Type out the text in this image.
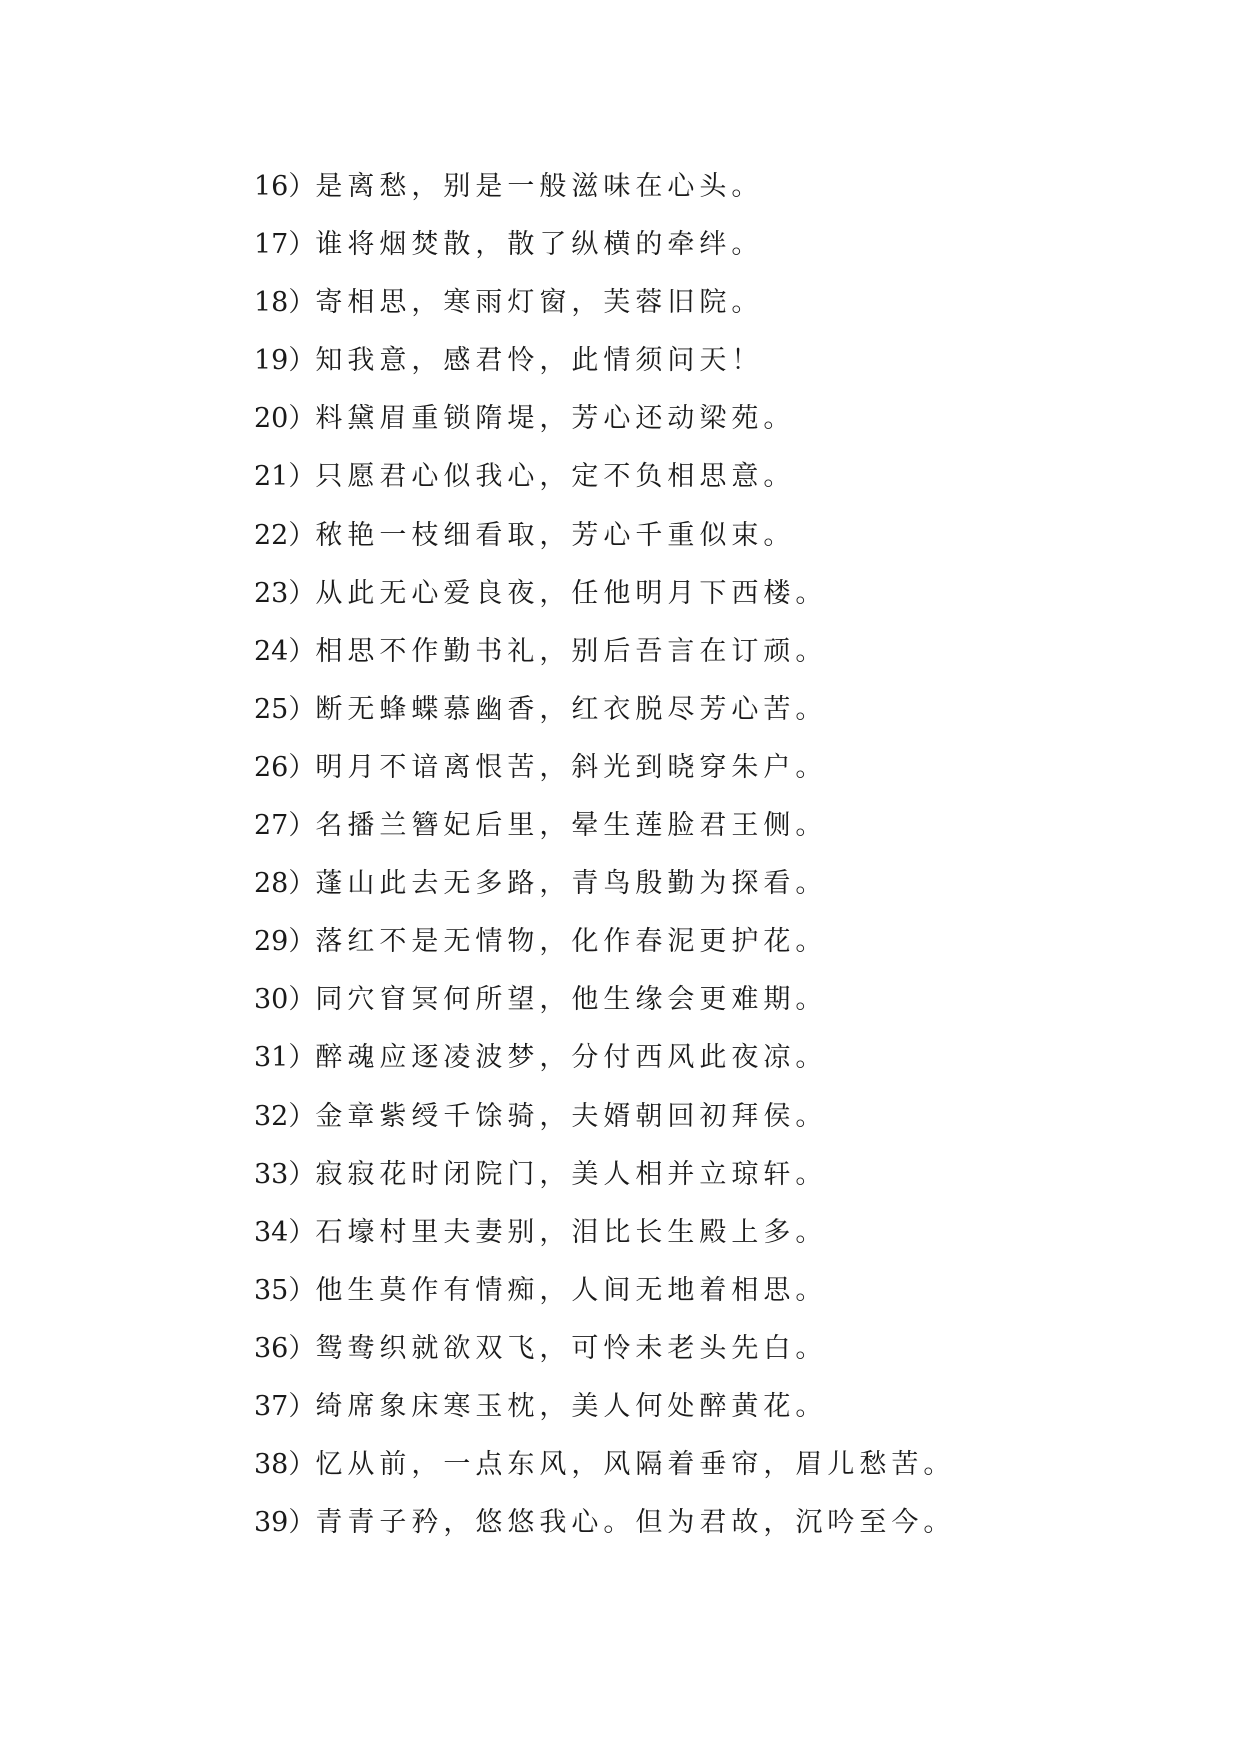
16）是离愁，别是一般滋味在心头。
17）谁将烟焚散，散了纵横的牵绊。
18）寄相思，寒雨灯窗，芙蓉旧院。
19）知我意，感君怜，此情须问天！
20）料黛眉重锁隋堤，芳心还动梁苑。
21）只愿君心似我心，定不负相思意。
22）秾艳一枝细看取，芳心千重似束。
23）从此无心爱良夜，任他明月下西楼。
24）相思不作勤书礼，别后吾言在订顽。
25）断无蜂蝶慕幽香，红衣脱尽芳心苦。
26）明月不谙离恨苦，斜光到晓穿朱户。
27）名播兰簪妃后里，晕生莲脸君王侧。
28）蓬山此去无多路，青鸟殷勤为探看。
29）落红不是无情物，化作春泥更护花。
30）同穴窅冥何所望，他生缘会更难期。
31）醉魂应逐凌波梦，分付西风此夜凉。
32）金章紫绶千馀骑，夫婿朝回初拜侯。
33）寂寂花时闭院门，美人相并立琼轩。
34）石壕村里夫妻别，泪比长生殿上多。
35）他生莫作有情痴，人间无地着相思。
36）鸳鸯织就欲双飞，可怜未老头先白。
37）绮席象床寒玉枕，美人何处醉黄花。
38）忆从前，一点东风，风隔着垂帘，眉儿愁苦。
39）青青子矜，悠悠我心。但为君故，沉吟至今。
